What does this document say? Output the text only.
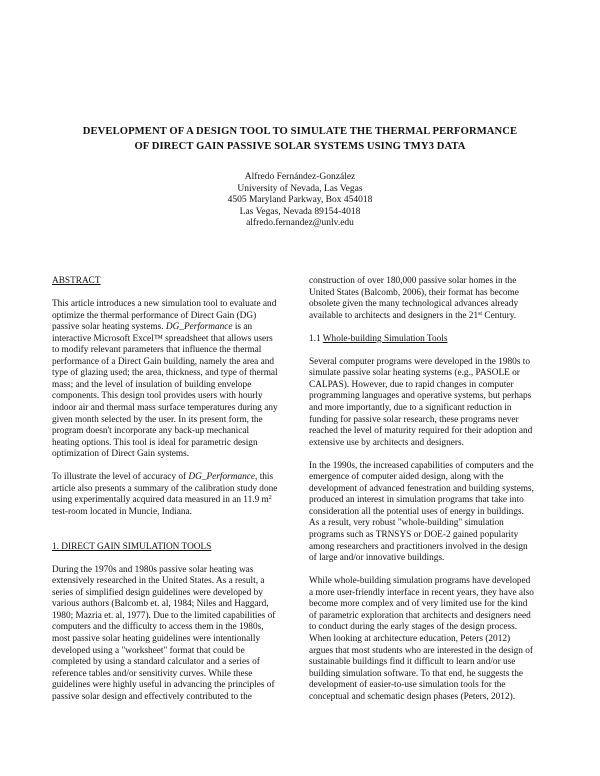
DEVELOPMENT OF A DESIGN TOOL TO SIMULATE THE THERMAL PERFORMANCE
OF DIRECT GAIN PASSIVE SOLAR SYSTEMS USING TMY3 DATA
Alfredo Fernández-González
University of Nevada, Las Vegas
4505 Maryland Parkway, Box 454018
Las Vegas, Nevada 89154-4018
alfredo.fernandez@unlv.edu
ABSTRACT
This article introduces a new simulation tool to evaluate and
optimize the thermal performance of Direct Gain (DG)
passive solar heating systems. DG_Performance is an
interactive Microsoft Excel™ spreadsheet that allows users
to modify relevant parameters that influence the thermal
performance of a Direct Gain building, namely the area and
type of glazing used; the area, thickness, and type of thermal
mass; and the level of insulation of building envelope
components. This design tool provides users with hourly
indoor air and thermal mass surface temperatures during any
given month selected by the user. In its present form, the
program doesn't incorporate any back-up mechanical
heating options. This tool is ideal for parametric design
optimization of Direct Gain systems.
To illustrate the level of accuracy of DG_Performance, this
article also presents a summary of the calibration study done
using experimentally acquired data measured in an 11.9 $m^2$
test-room located in Muncie, Indiana.
1. DIRECT GAIN SIMULATION TOOLS
During the 1970s and 1980s passive solar heating was
extensively researched in the United States. As a result, a
series of simplified design guidelines were developed by
various authors (Balcomb et. al, 1984; Niles and Haggard,
1980; Mazria et. al, 1977). Due to the limited capabilities of
computers and the difficulty to access them in the 1980s,
most passive solar heating guidelines were intentionally
developed using a "worksheet" format that could be
completed by using a standard calculator and a series of
reference tables and/or sensitivity curves. While these
guidelines were highly useful in advancing the principles of
passive solar design and effectively contributed to the
construction of over 180,000 passive solar homes in the
United States (Balcomb, 2006), their format has become
obsolete given the many technological advances already
available to architects and designers in the 21st Century.
1.1 Whole-building Simulation Tools
Several computer programs were developed in the 1980s to
simulate passive solar heating systems (e.g., PASOLE or
CALPAS). However, due to rapid changes in computer
programming languages and operative systems, but perhaps
and more importantly, due to a significant reduction in
funding for passive solar research, these programs never
reached the level of maturity required for their adoption and
extensive use by architects and designers.
In the 1990s, the increased capabilities of computers and the
emergence of computer aided design, along with the
development of advanced fenestration and building systems,
produced an interest in simulation programs that take into
consideration all the potential uses of energy in buildings.
As a result, very robust "whole-building" simulation
programs such as TRNSYS or DOE-2 gained popularity
among researchers and practitioners involved in the design
of large and/or innovative buildings.
While whole-building simulation programs have developed
a more user-friendly interface in recent years, they have also
become more complex and of very limited use for the kind
of parametric exploration that architects and designers need
to conduct during the early stages of the design process.
When looking at architecture education, Peters (2012)
argues that most students who are interested in the design of
sustainable buildings find it difficult to learn and/or use
building simulation software. To that end, he suggests the
development of easier-to-use simulation tools for the
conceptual and schematic design phases (Peters, 2012).
